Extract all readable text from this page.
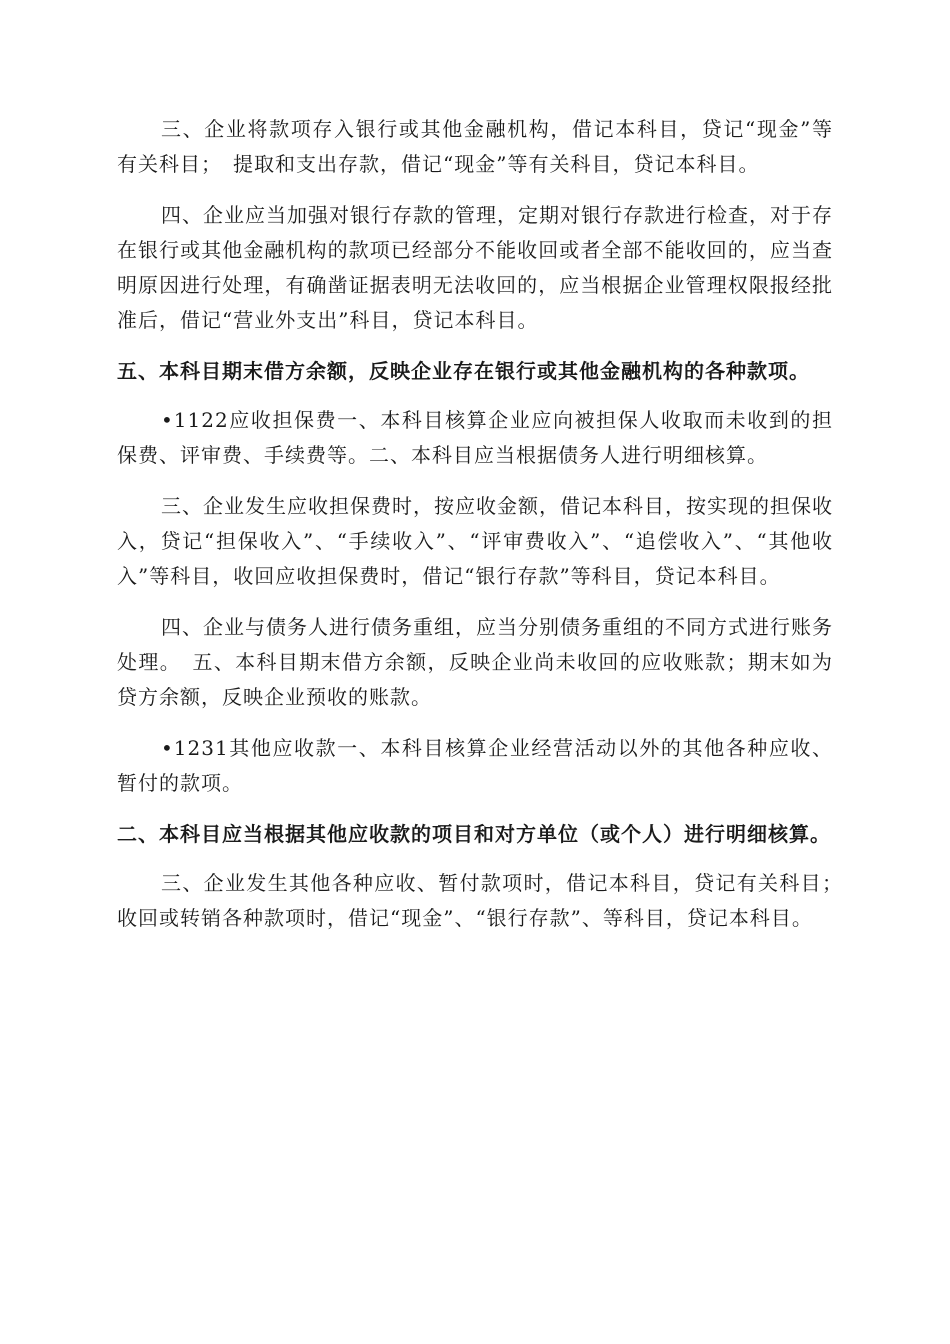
三、企业将款项存入银行或其他金融机构，借记本科目，贷记“现金”等有关科目；　提取和支出存款，借记“现金”等有关科目，贷记本科目。

四、企业应当加强对银行存款的管理，定期对银行存款进行检查，对于存在银行或其他金融机构的款项已经部分不能收回或者全部不能收回的，应当查明原因进行处理，有确凿证据表明无法收回的，应当根据企业管理权限报经批准后，借记“营业外支出”科目，贷记本科目。

五、本科目期末借方余额，反映企业存在银行或其他金融机构的各种款项。

•1122应收担保费一、本科目核算企业应向被担保人收取而未收到的担保费、评审费、手续费等。二、本科目应当根据债务人进行明细核算。

三、企业发生应收担保费时，按应收金额，借记本科目，按实现的担保收入，贷记“担保收入”、“手续收入”、“评审费收入”、“追偿收入”、“其他收入”等科目，收回应收担保费时，借记“银行存款”等科目，贷记本科目。

四、企业与债务人进行债务重组，应当分别债务重组的不同方式进行账务处理。　五、本科目期末借方余额，反映企业尚未收回的应收账款；期末如为贷方余额，反映企业预收的账款。

•1231其他应收款一、本科目核算企业经营活动以外的其他各种应收、暂付的款项。

二、本科目应当根据其他应收款的项目和对方单位（或个人）进行明细核算。

三、企业发生其他各种应收、暂付款项时，借记本科目，贷记有关科目；　收回或转销各种款项时，借记“现金”、“银行存款”、等科目，贷记本科目。
